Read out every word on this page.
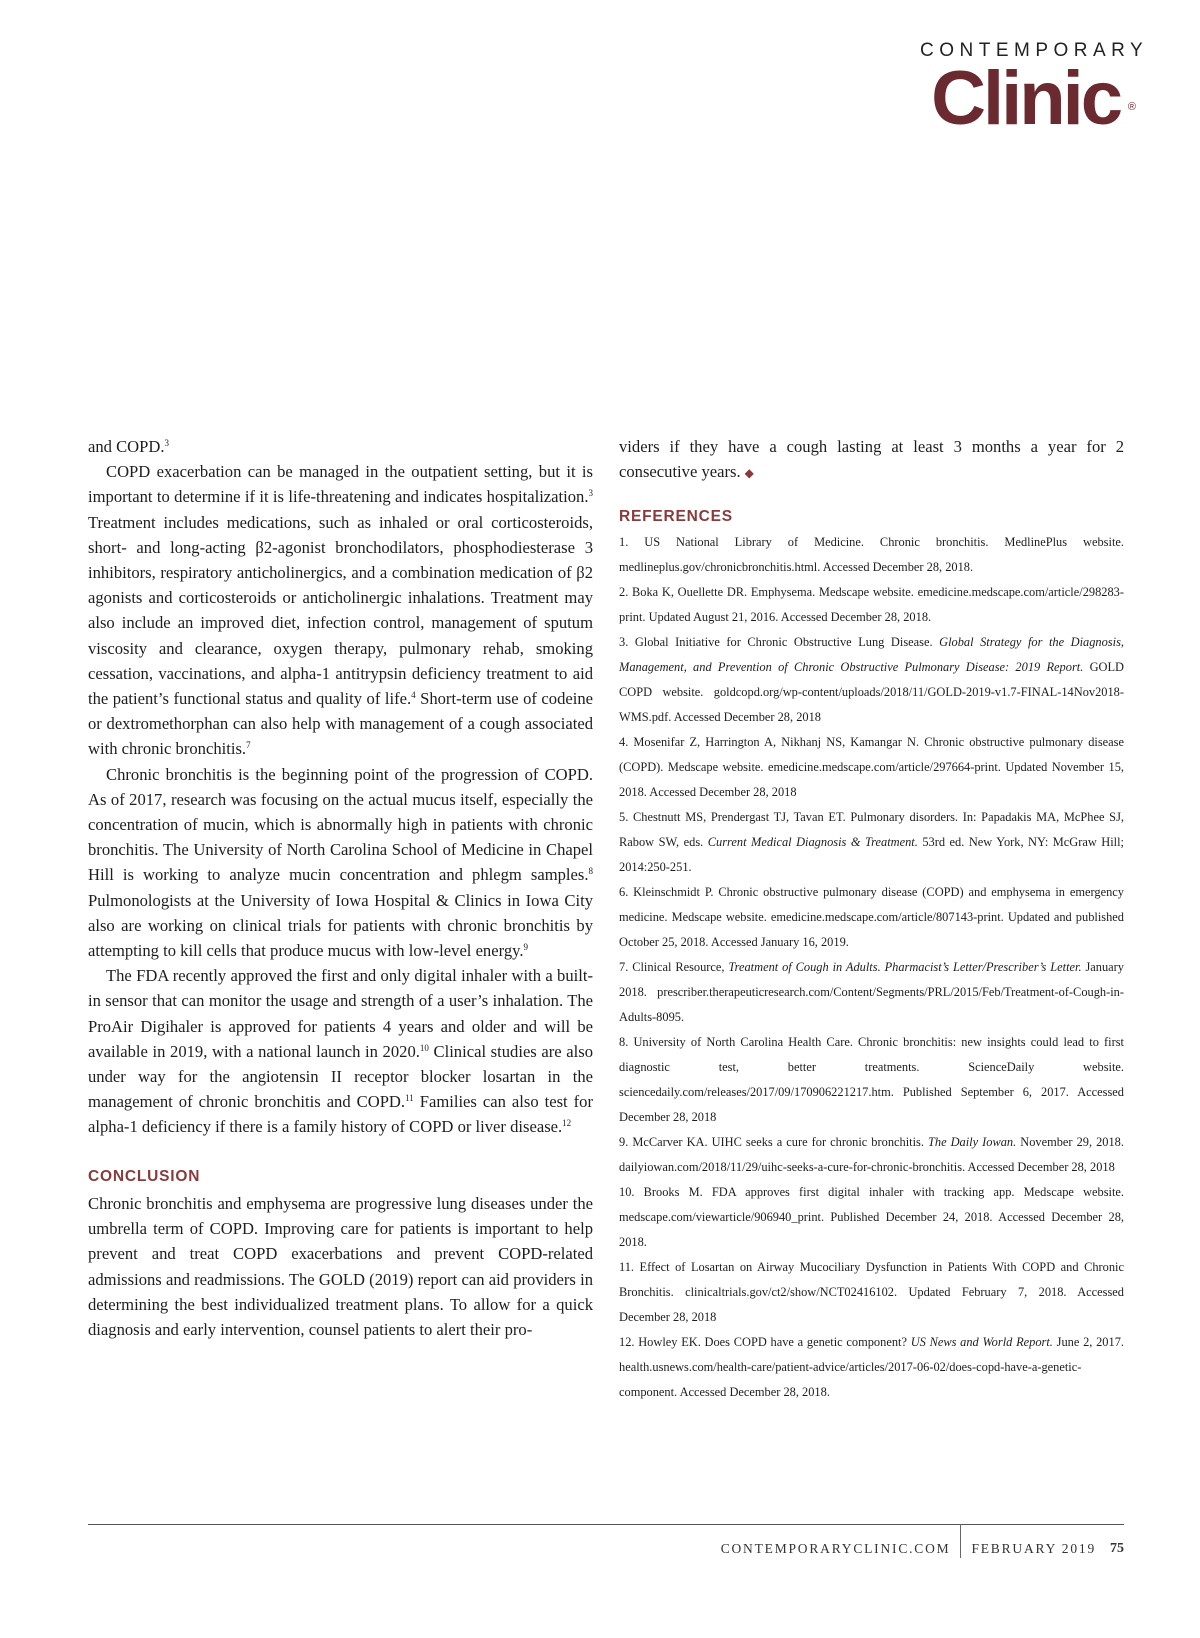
CONTEMPORARY
Clinic ®

and COPD.$^3$

COPD exacerbation can be managed in the outpatient setting, but it is important to determine if it is life-threatening and indicates hospitalization.$^3$ Treatment includes medications, such as inhaled or oral corticosteroids, short- and long-acting β2-agonist bronchodilators, phosphodiesterase 3 inhibitors, respiratory anticholinergics, and a combination medication of β2 agonists and corticosteroids or anticholinergic inhalations. Treatment may also include an improved diet, infection control, management of sputum viscosity and clearance, oxygen therapy, pulmonary rehab, smoking cessation, vaccinations, and alpha-1 antitrypsin deficiency treatment to aid the patient’s functional status and quality of life.$^4$ Short-term use of codeine or dextromethorphan can also help with management of a cough associated with chronic bronchitis.$^7$

Chronic bronchitis is the beginning point of the progression of COPD. As of 2017, research was focusing on the actual mucus itself, especially the concentration of mucin, which is abnormally high in patients with chronic bronchitis. The University of North Carolina School of Medicine in Chapel Hill is working to analyze mucin concentration and phlegm samples.$^8$ Pulmonologists at the University of Iowa Hospital & Clinics in Iowa City also are working on clinical trials for patients with chronic bronchitis by attempting to kill cells that produce mucus with low-level energy.$^9$

The FDA recently approved the first and only digital inhaler with a built-in sensor that can monitor the usage and strength of a user’s inhalation. The ProAir Digihaler is approved for patients 4 years and older and will be available in 2019, with a national launch in 2020.10 Clinical studies are also under way for the angiotensin II receptor blocker losartan in the management of chronic bronchitis and COPD.$^{11}$ Families can also test for alpha-1 deficiency if there is a family history of COPD or liver disease.$^{12}$

CONCLUSION

Chronic bronchitis and emphysema are progressive lung diseases under the umbrella term of COPD. Improving care for patients is important to help prevent and treat COPD exacerbations and prevent COPD-related admissions and readmissions. The GOLD (2019) report can aid providers in determining the best individualized treatment plans. To allow for a quick diagnosis and early intervention, counsel patients to alert their pro-

viders if they have a cough lasting at least 3 months a year for 2 consecutive years. ◆

REFERENCES
1. US National Library of Medicine. Chronic bronchitis. MedlinePlus website. medlineplus.gov/chronicbronchitis.html. Accessed December 28, 2018.
2. Boka K, Ouellette DR. Emphysema. Medscape website. emedicine.medscape.com/article/298283-print. Updated August 21, 2016. Accessed December 28, 2018.
3. Global Initiative for Chronic Obstructive Lung Disease. Global Strategy for the Diagnosis, Management, and Prevention of Chronic Obstructive Pulmonary Disease: 2019 Report. GOLD COPD website. goldcopd.org/wp-content/uploads/2018/11/GOLD-2019-v1.7-FINAL-14Nov2018-WMS.pdf. Accessed December 28, 2018
4. Mosenifar Z, Harrington A, Nikhanj NS, Kamangar N. Chronic obstructive pulmonary disease (COPD). Medscape website. emedicine.medscape.com/article/297664-print. Updated November 15, 2018. Accessed December 28, 2018
5. Chestnutt MS, Prendergast TJ, Tavan ET. Pulmonary disorders. In: Papadakis MA, McPhee SJ, Rabow SW, eds. Current Medical Diagnosis & Treatment. 53rd ed. New York, NY: McGraw Hill; 2014:250-251.
6. Kleinschmidt P. Chronic obstructive pulmonary disease (COPD) and emphysema in emergency medicine. Medscape website. emedicine.medscape.com/article/807143-print. Updated and published October 25, 2018. Accessed January 16, 2019.
7. Clinical Resource, Treatment of Cough in Adults. Pharmacist’s Letter/Prescriber’s Letter. January 2018. prescriber.therapeuticresearch.com/Content/Segments/PRL/2015/Feb/Treatment-of-Cough-in-Adults-8095.
8. University of North Carolina Health Care. Chronic bronchitis: new insights could lead to first diagnostic test, better treatments. ScienceDaily website. sciencedaily.com/releases/2017/09/170906221217.htm. Published September 6, 2017. Accessed December 28, 2018
9. McCarver KA. UIHC seeks a cure for chronic bronchitis. The Daily Iowan. November 29, 2018. dailyiowan.com/2018/11/29/uihc-seeks-a-cure-for-chronic-bronchitis. Accessed December 28, 2018
10. Brooks M. FDA approves first digital inhaler with tracking app. Medscape website. medscape.com/viewarticle/906940_print. Published December 24, 2018. Accessed December 28, 2018.
11. Effect of Losartan on Airway Mucociliary Dysfunction in Patients With COPD and Chronic Bronchitis. clinicaltrials.gov/ct2/show/NCT02416102. Updated February 7, 2018. Accessed December 28, 2018
12. Howley EK. Does COPD have a genetic component? US News and World Report. June 2, 2017. health.usnews.com/health-care/patient-advice/articles/2017-06-02/does-copd-have-a-genetic-component. Accessed December 28, 2018.
CONTEMPORARYCLINIC.COM FEBRUARY 2019 75
